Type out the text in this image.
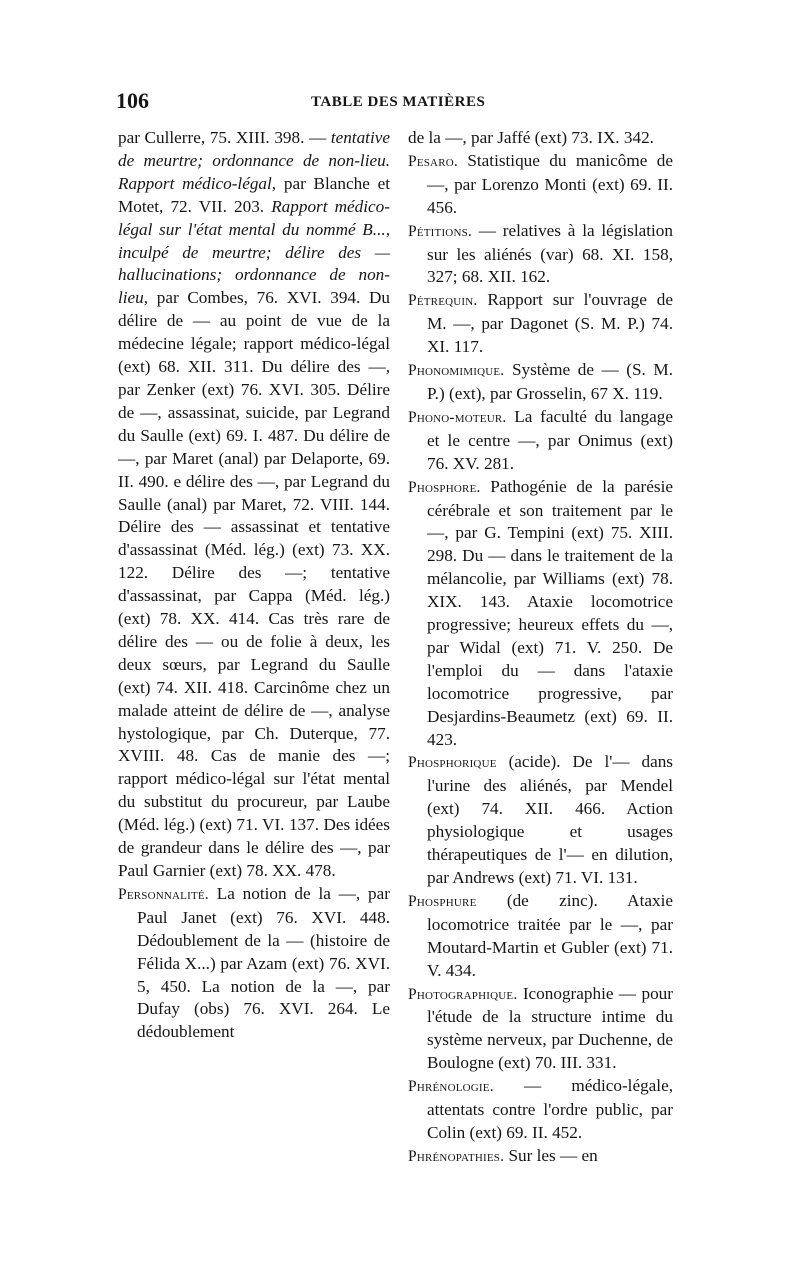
106	TABLE DES MATIÈRES
par Cullerre, 75. XIII. 398. — tentative de meurtre; ordonnance de non-lieu. Rapport médico-légal, par Blanche et Motet, 72. VII. 203. Rapport médico-légal sur l'état mental du nommé B..., inculpé de meurtre; délire des — hallucinations; ordonnance de non-lieu, par Combes, 76. XVI. 394. Du délire de — au point de vue de la médecine légale; rapport médico-légal (ext) 68. XII. 311. Du délire des —, par Zenker (ext) 76. XVI. 305. Délire de —, assassinat, suicide, par Legrand du Saulle (ext) 69. I. 487. Du délire de —, par Maret (anal) par Delaporte, 69. II. 490. e délire des —, par Legrand du Saulle (anal) par Maret, 72. VIII. 144. Délire des — assassinat et tentative d'assassinat (Méd. lég.) (ext) 73. XX. 122. Délire des —; tentative d'assassinat, par Cappa (Méd. lég.) (ext) 78. XX. 414. Cas très rare de délire des — ou de folie à deux, les deux sœurs, par Legrand du Saulle (ext) 74. XII. 418. Carcinôme chez un malade atteint de délire de —, analyse hystologique, par Ch. Duterque, 77. XVIII. 48. Cas de manie des —; rapport médico-légal sur l'état mental du substitut du procureur, par Laube (Méd. lég.) (ext) 71. VI. 137. Des idées de grandeur dans le délire des —, par Paul Garnier (ext) 78. XX. 478.
Personnalité. La notion de la —, par Paul Janet (ext) 76. XVI. 448. Dédoublement de la — (histoire de Félida X...) par Azam (ext) 76. XVI. 5, 450. La notion de la —, par Dufay (obs) 76. XVI. 264. Le dédoublement
de la —, par Jaffé (ext) 73. IX. 342.
Pesaro. Statistique du manicôme de —, par Lorenzo Monti (ext) 69. II. 456.
Pétitions. — relatives à la législation sur les aliénés (var) 68. XI. 158, 327; 68. XII. 162.
Pétrequin. Rapport sur l'ouvrage de M. —, par Dagonet (S. M. P.) 74. XI. 117.
Phonomimique. Système de — (S. M. P.) (ext), par Grosselin, 67 X. 119.
Phono-moteur. La faculté du langage et le centre —, par Onimus (ext) 76. XV. 281.
Phosphore. Pathogénie de la parésie cérébrale et son traitement par le —, par G. Tempini (ext) 75. XIII. 298. Du — dans le traitement de la mélancolie, par Williams (ext) 78. XIX. 143. Ataxie locomotrice progressive; heureux effets du —, par Widal (ext) 71. V. 250. De l'emploi du — dans l'ataxie locomotrice progressive, par Desjardins-Beaumetz (ext) 69. II. 423.
Phosphorique (acide). De l'— dans l'urine des aliénés, par Mendel (ext) 74. XII. 466. Action physiologique et usages thérapeutiques de l'— en dilution, par Andrews (ext) 71. VI. 131.
Phosphure (de zinc). Ataxie locomotrice traitée par le —, par Moutard-Martin et Gubler (ext) 71. V. 434.
Photographique. Iconographie — pour l'étude de la structure intime du système nerveux, par Duchenne, de Boulogne (ext) 70. III. 331.
Phrénologie. — médico-légale, attentats contre l'ordre public, par Colin (ext) 69. II. 452.
Phrénopathies. Sur les — en
